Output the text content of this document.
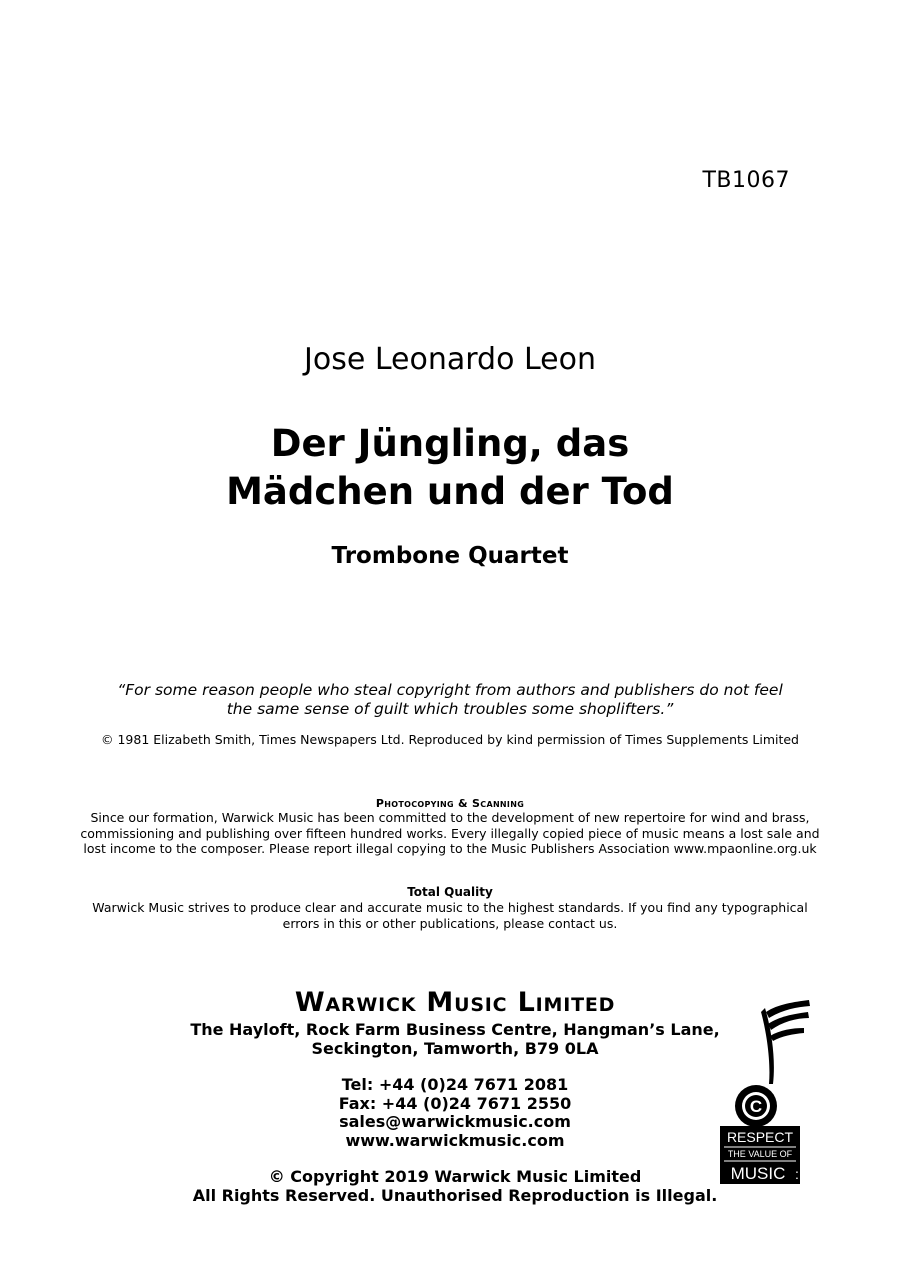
TB1067
Jose Leonardo Leon
Der Jüngling, das
Mädchen und der Tod
Trombone Quartet
“For some reason people who steal copyright from authors and publishers do not feel
the same sense of guilt which troubles some shoplifters.”
© 1981 Elizabeth Smith, Times Newspapers Ltd. Reproduced by kind permission of Times Supplements Limited
Photocopying & Scanning
Since our formation, Warwick Music has been committed to the development of new repertoire for wind and brass,
commissioning and publishing over fifteen hundred works. Every illegally copied piece of music means a lost sale and
lost income to the composer. Please report illegal copying to the Music Publishers Association www.mpaonline.org.uk
Total Quality
Warwick Music strives to produce clear and accurate music to the highest standards. If you find any typographical
errors in this or other publications, please contact us.
Warwick Music Limited
The Hayloft, Rock Farm Business Centre, Hangman’s Lane,
Seckington, Tamworth, B79 0LA
Tel: +44 (0)24 7671 2081
Fax: +44 (0)24 7671 2550
sales@warwickmusic.com
www.warwickmusic.com
© Copyright 2019 Warwick Music Limited
All Rights Reserved. Unauthorised Reproduction is Illegal.
C
RESPECT
THE VALUE OF
MUSIC :
